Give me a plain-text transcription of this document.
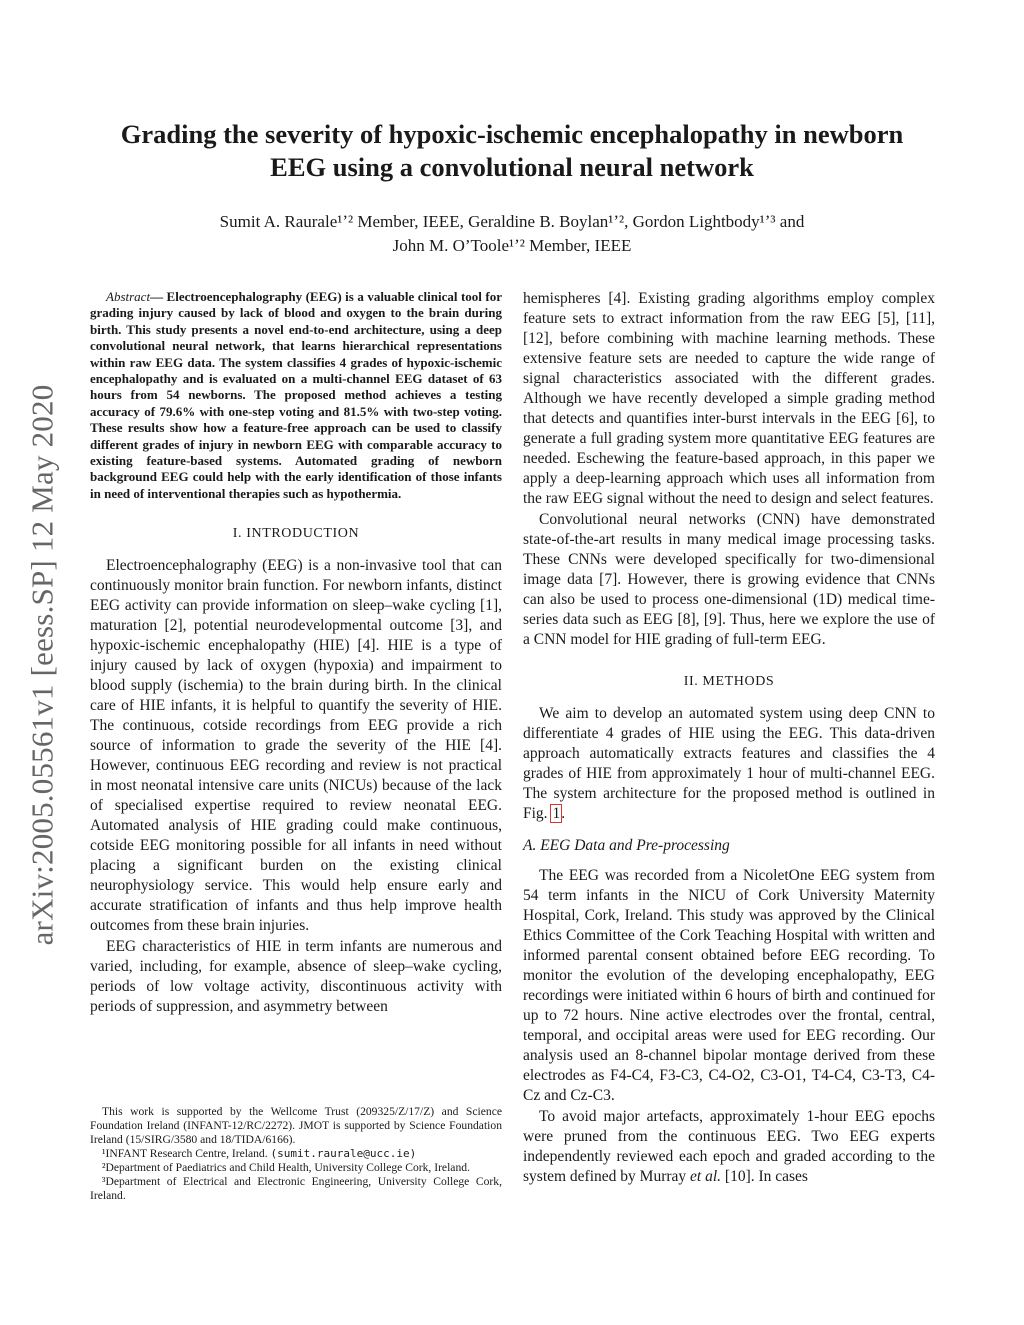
arXiv:2005.05561v1 [eess.SP] 12 May 2020
Grading the severity of hypoxic-ischemic encephalopathy in newborn
EEG using a convolutional neural network
Sumit A. Raurale¹ʼ² Member, IEEE, Geraldine B. Boylan¹ʼ², Gordon Lightbody¹ʼ³ and
John M. O’Toole¹ʼ² Member, IEEE

Abstract— Electroencephalography (EEG) is a valuable clinical tool for grading injury caused by lack of blood and oxygen to the brain during birth. This study presents a novel end-to-end architecture, using a deep convolutional neural network, that learns hierarchical representations within raw EEG data. The system classifies 4 grades of hypoxic-ischemic encephalopathy and is evaluated on a multi-channel EEG dataset of 63 hours from 54 newborns. The proposed method achieves a testing accuracy of 79.6% with one-step voting and 81.5% with two-step voting. These results show how a feature-free approach can be used to classify different grades of injury in newborn EEG with comparable accuracy to existing feature-based systems. Automated grading of newborn background EEG could help with the early identification of those infants in need of interventional therapies such as hypothermia.

I. INTRODUCTION

Electroencephalography (EEG) is a non-invasive tool that can continuously monitor brain function. For newborn infants, distinct EEG activity can provide information on sleep–wake cycling [1], maturation [2], potential neurodevelopmental outcome [3], and hypoxic-ischemic encephalopathy (HIE) [4]. HIE is a type of injury caused by lack of oxygen (hypoxia) and impairment to blood supply (ischemia) to the brain during birth. In the clinical care of HIE infants, it is helpful to quantify the severity of HIE. The continuous, cotside recordings from EEG provide a rich source of information to grade the severity of the HIE [4]. However, continuous EEG recording and review is not practical in most neonatal intensive care units (NICUs) because of the lack of specialised expertise required to review neonatal EEG. Automated analysis of HIE grading could make continuous, cotside EEG monitoring possible for all infants in need without placing a significant burden on the existing clinical neurophysiology service. This would help ensure early and accurate stratification of infants and thus help improve health outcomes from these brain injuries.

EEG characteristics of HIE in term infants are numerous and varied, including, for example, absence of sleep–wake cycling, periods of low voltage activity, discontinuous activity with periods of suppression, and asymmetry between

hemispheres [4]. Existing grading algorithms employ complex feature sets to extract information from the raw EEG [5], [11], [12], before combining with machine learning methods. These extensive feature sets are needed to capture the wide range of signal characteristics associated with the different grades. Although we have recently developed a simple grading method that detects and quantifies inter-burst intervals in the EEG [6], to generate a full grading system more quantitative EEG features are needed. Eschewing the feature-based approach, in this paper we apply a deep-learning approach which uses all information from the raw EEG signal without the need to design and select features.

Convolutional neural networks (CNN) have demonstrated state-of-the-art results in many medical image processing tasks. These CNNs were developed specifically for two-dimensional image data [7]. However, there is growing evidence that CNNs can also be used to process one-dimensional (1D) medical time-series data such as EEG [8], [9]. Thus, here we explore the use of a CNN model for HIE grading of full-term EEG.

II. METHODS

We aim to develop an automated system using deep CNN to differentiate 4 grades of HIE using the EEG. This data-driven approach automatically extracts features and classifies the 4 grades of HIE from approximately 1 hour of multi-channel EEG. The system architecture for the proposed method is outlined in Fig. 1.

A. EEG Data and Pre-processing

The EEG was recorded from a NicoletOne EEG system from 54 term infants in the NICU of Cork University Maternity Hospital, Cork, Ireland. This study was approved by the Clinical Ethics Committee of the Cork Teaching Hospital with written and informed parental consent obtained before EEG recording. To monitor the evolution of the developing encephalopathy, EEG recordings were initiated within 6 hours of birth and continued for up to 72 hours. Nine active electrodes over the frontal, central, temporal, and occipital areas were used for EEG recording. Our analysis used an 8-channel bipolar montage derived from these electrodes as F4-C4, F3-C3, C4-O2, C3-O1, T4-C4, C3-T3, C4-Cz and Cz-C3.

To avoid major artefacts, approximately 1-hour EEG epochs were pruned from the continuous EEG. Two EEG experts independently reviewed each epoch and graded according to the system defined by Murray et al. [10]. In cases

This work is supported by the Wellcome Trust (209325/Z/17/Z) and Science Foundation Ireland (INFANT-12/RC/2272). JMOT is supported by Science Foundation Ireland (15/SIRG/3580 and 18/TIDA/6166).

¹INFANT Research Centre, Ireland. (sumit.raurale@ucc.ie)

²Department of Paediatrics and Child Health, University College Cork, Ireland.

³Department of Electrical and Electronic Engineering, University College Cork, Ireland.
